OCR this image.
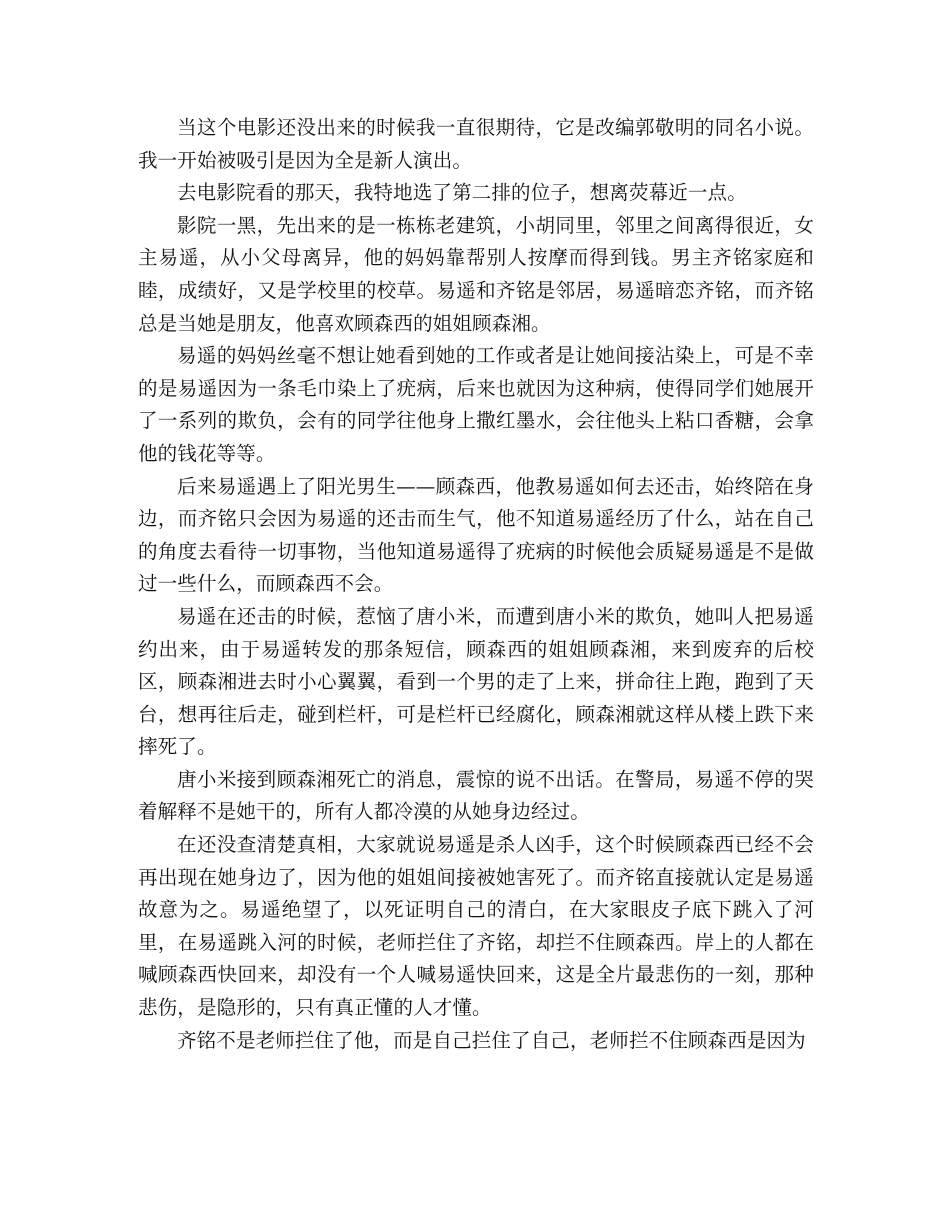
当这个电影还没出来的时候我一直很期待，它是改编郭敬明的同名小说。我一开始被吸引是因为全是新人演出。

去电影院看的那天，我特地选了第二排的位子，想离荧幕近一点。

影院一黑，先出来的是一栋栋老建筑，小胡同里，邻里之间离得很近，女主易遥，从小父母离异，他的妈妈靠帮别人按摩而得到钱。男主齐铭家庭和睦，成绩好，又是学校里的校草。易遥和齐铭是邻居，易遥暗恋齐铭，而齐铭总是当她是朋友，他喜欢顾森西的姐姐顾森湘。

易遥的妈妈丝毫不想让她看到她的工作或者是让她间接沾染上，可是不幸的是易遥因为一条毛巾染上了疣病，后来也就因为这种病，使得同学们她展开了一系列的欺负，会有的同学往他身上撒红墨水，会往他头上粘口香糖，会拿他的钱花等等。

后来易遥遇上了阳光男生——顾森西，他教易遥如何去还击，始终陪在身边，而齐铭只会因为易遥的还击而生气，他不知道易遥经历了什么，站在自己的角度去看待一切事物，当他知道易遥得了疣病的时候他会质疑易遥是不是做过一些什么，而顾森西不会。

易遥在还击的时候，惹恼了唐小米，而遭到唐小米的欺负，她叫人把易遥约出来，由于易遥转发的那条短信，顾森西的姐姐顾森湘，来到废弃的后校区，顾森湘进去时小心翼翼，看到一个男的走了上来，拼命往上跑，跑到了天台，想再往后走，碰到栏杆，可是栏杆已经腐化，顾森湘就这样从楼上跌下来摔死了。

唐小米接到顾森湘死亡的消息，震惊的说不出话。在警局，易遥不停的哭着解释不是她干的，所有人都冷漠的从她身边经过。

在还没查清楚真相，大家就说易遥是杀人凶手，这个时候顾森西已经不会再出现在她身边了，因为他的姐姐间接被她害死了。而齐铭直接就认定是易遥故意为之。易遥绝望了，以死证明自己的清白，在大家眼皮子底下跳入了河里，在易遥跳入河的时候，老师拦住了齐铭，却拦不住顾森西。岸上的人都在喊顾森西快回来，却没有一个人喊易遥快回来，这是全片最悲伤的一刻，那种悲伤，是隐形的，只有真正懂的人才懂。

齐铭不是老师拦住了他，而是自己拦住了自己，老师拦不住顾森西是因为
